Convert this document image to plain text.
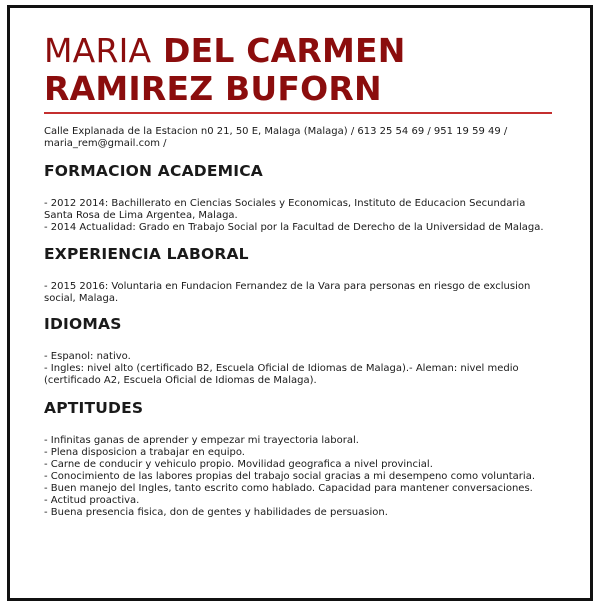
MARIA DEL CARMEN
RAMIREZ BUFORN
Calle Explanada de la Estacion n0 21, 50 E, Malaga (Malaga) / 613 25 54 69 / 951 19 59 49 / maria_rem@gmail.com /
FORMACION ACADEMICA

- 2012 2014: Bachillerato en Ciencias Sociales y Economicas, Instituto de Educacion Secundaria Santa Rosa de Lima Argentea, Malaga.

- 2014 Actualidad: Grado en Trabajo Social por la Facultad de Derecho de la Universidad de Malaga.

EXPERIENCIA LABORAL

- 2015 2016: Voluntaria en Fundacion Fernandez de la Vara para personas en riesgo de exclusion social, Malaga.

IDIOMAS

- Espanol: nativo.

- Ingles: nivel alto (certificado B2, Escuela Oficial de Idiomas de Malaga).- Aleman: nivel medio (certificado A2, Escuela Oficial de Idiomas de Malaga).

APTITUDES

- Infinitas ganas de aprender y empezar mi trayectoria laboral.

- Plena disposicion a trabajar en equipo.

- Carne de conducir y vehiculo propio. Movilidad geografica a nivel provincial.

- Conocimiento de las labores propias del trabajo social gracias a mi desempeno como voluntaria.

- Buen manejo del Ingles, tanto escrito como hablado. Capacidad para mantener conversaciones.

- Actitud proactiva.

- Buena presencia fisica, don de gentes y habilidades de persuasion.
